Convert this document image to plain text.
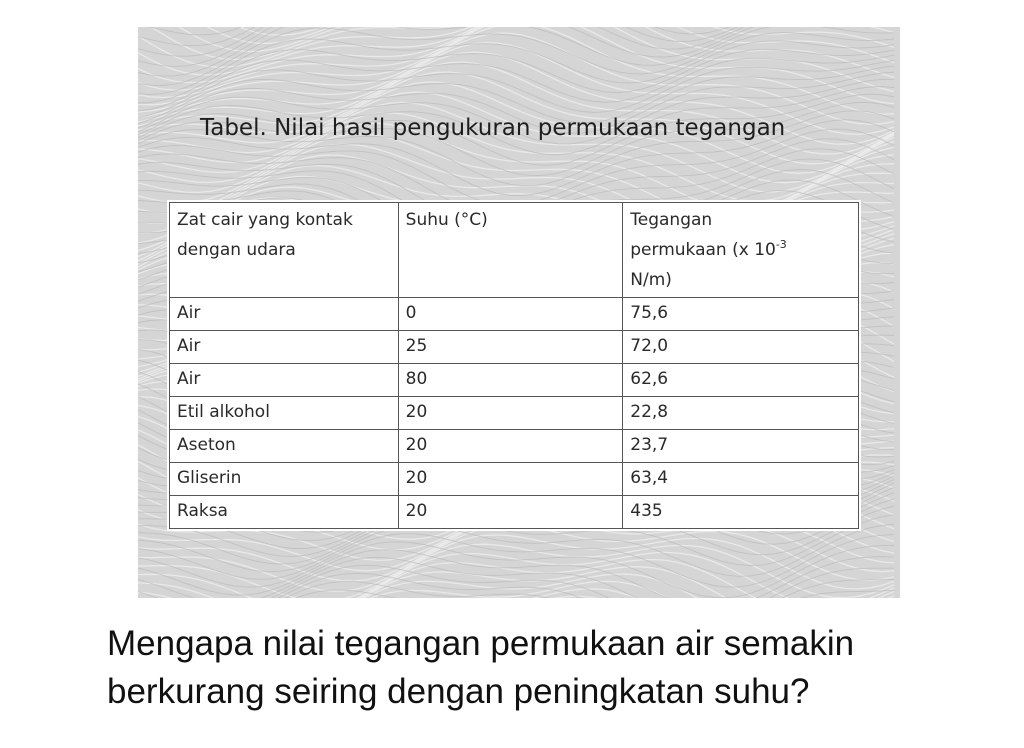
Tabel. Nilai hasil pengukuran permukaan tegangan
Zat cair yang kontak
dengan udara	Suhu (°C)	Tegangan
permukaan (x $10^{-3}$
N/m)
Air	0	75,6
Air	25	72,0
Air	80	62,6
Etil alkohol	20	22,8
Aseton	20	23,7
Gliserin	20	63,4
Raksa	20	435
Mengapa nilai tegangan permukaan air semakin
berkurang seiring dengan peningkatan suhu?
